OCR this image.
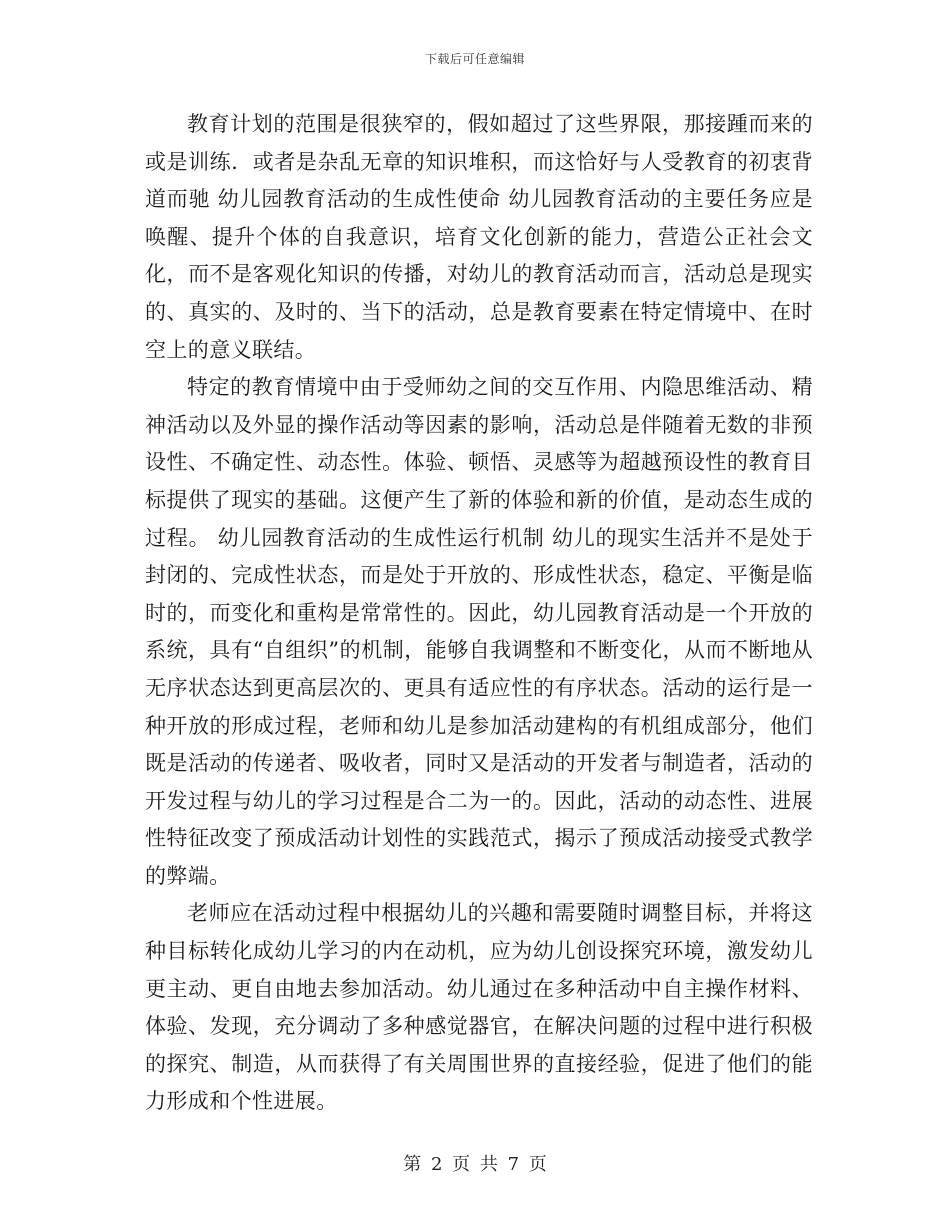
下载后可任意编辑

教育计划的范围是很狭窄的，假如超过了这些界限，那接踵而来的或是训练．或者是杂乱无章的知识堆积，而这恰好与人受教育的初衷背道而驰 幼儿园教育活动的生成性使命 幼儿园教育活动的主要任务应是唤醒、提升个体的自我意识，培育文化创新的能力，营造公正社会文化，而不是客观化知识的传播，对幼儿的教育活动而言，活动总是现实的、真实的、及时的、当下的活动，总是教育要素在特定情境中、在时空上的意义联结。

特定的教育情境中由于受师幼之间的交互作用、内隐思维活动、精神活动以及外显的操作活动等因素的影响，活动总是伴随着无数的非预设性、不确定性、动态性。体验、顿悟、灵感等为超越预设性的教育目标提供了现实的基础。这便产生了新的体验和新的价值，是动态生成的过程。 幼儿园教育活动的生成性运行机制 幼儿的现实生活并不是处于封闭的、完成性状态，而是处于开放的、形成性状态，稳定、平衡是临时的，而变化和重构是常常性的。因此，幼儿园教育活动是一个开放的系统，具有“自组织”的机制，能够自我调整和不断变化，从而不断地从无序状态达到更高层次的、更具有适应性的有序状态。活动的运行是一种开放的形成过程，老师和幼儿是参加活动建构的有机组成部分，他们既是活动的传递者、吸收者，同时又是活动的开发者与制造者，活动的开发过程与幼儿的学习过程是合二为一的。因此，活动的动态性、进展性特征改变了预成活动计划性的实践范式，揭示了预成活动接受式教学的弊端。

老师应在活动过程中根据幼儿的兴趣和需要随时调整目标，并将这种目标转化成幼儿学习的内在动机，应为幼儿创设探究环境，激发幼儿更主动、更自由地去参加活动。幼儿通过在多种活动中自主操作材料、体验、发现，充分调动了多种感觉器官，在解决问题的过程中进行积极的探究、制造，从而获得了有关周围世界的直接经验，促进了他们的能力形成和个性进展。

第 2 页 共 7 页
